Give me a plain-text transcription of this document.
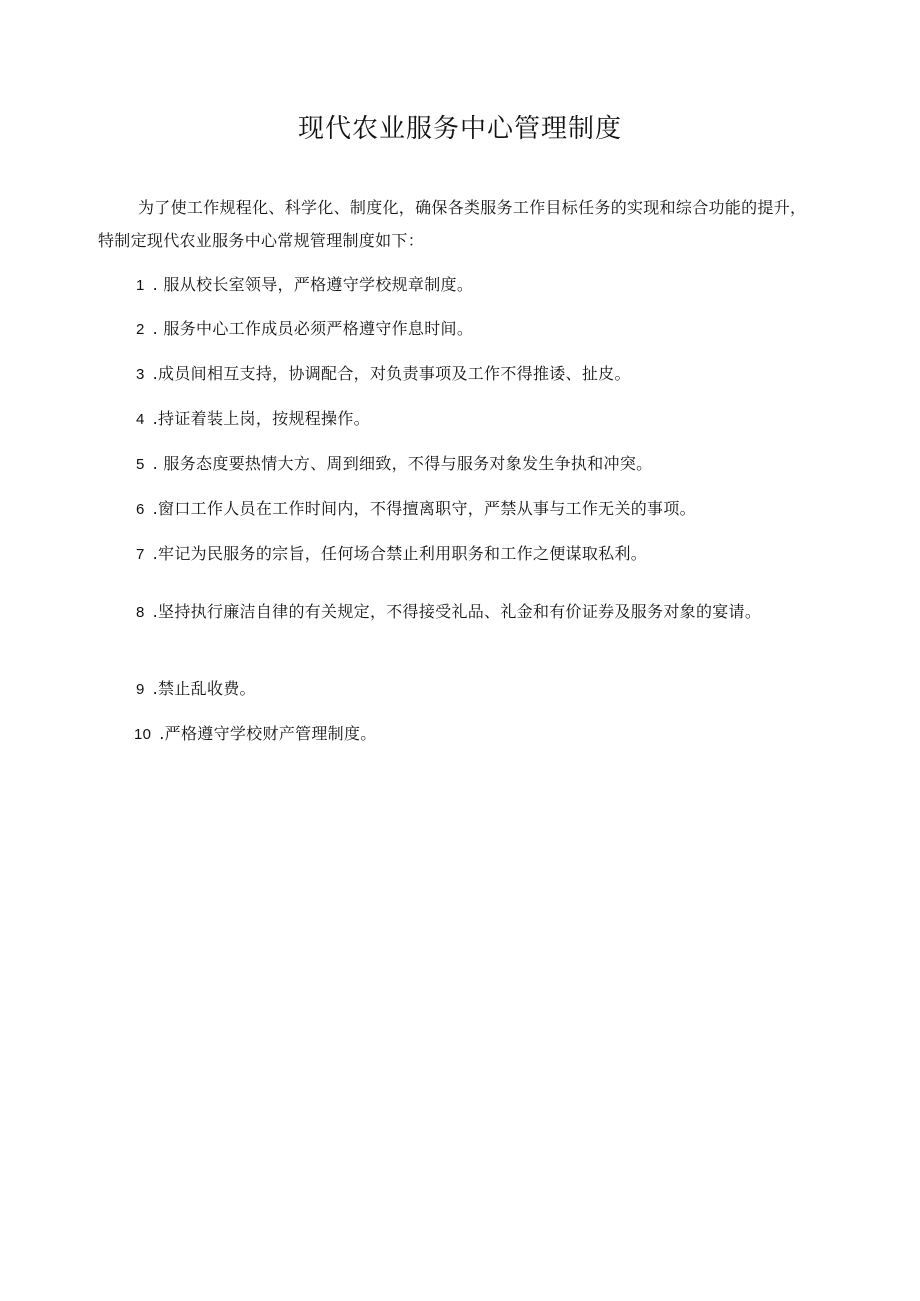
现代农业服务中心管理制度

为了使工作规程化、科学化、制度化，确保各类服务工作目标任务的实现和综合功能的提升，特制定现代农业服务中心常规管理制度如下：

1 . 服从校长室领导，严格遵守学校规章制度。

2 . 服务中心工作成员必须严格遵守作息时间。

3 .成员间相互支持，协调配合，对负责事项及工作不得推诿、扯皮。

4 .持证着装上岗，按规程操作。

5 . 服务态度要热情大方、周到细致，不得与服务对象发生争执和冲突。

6 .窗口工作人员在工作时间内，不得擅离职守，严禁从事与工作无关的事项。

7 .牢记为民服务的宗旨，任何场合禁止利用职务和工作之便谋取私利。

8 .坚持执行廉洁自律的有关规定，不得接受礼品、礼金和有价证券及服务对象的宴请。

9 .禁止乱收费。

10 .严格遵守学校财产管理制度。
